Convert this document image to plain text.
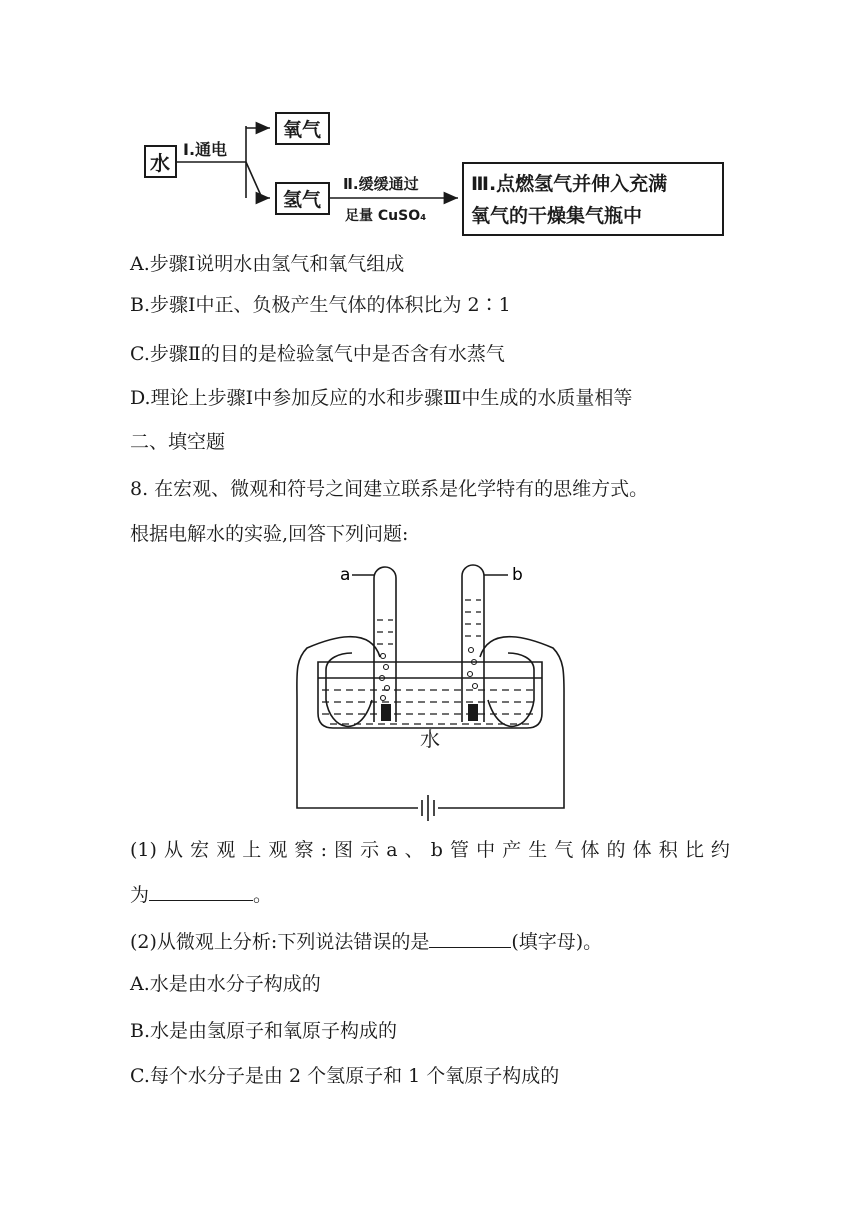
水
Ⅰ.通电
氧气
氢气
Ⅱ.缓缓通过
足量 CuSO₄
Ⅲ.点燃氢气并伸入充满
氧气的干燥集气瓶中
A.步骤Ⅰ说明水由氢气和氧气组成
B.步骤Ⅰ中正、负极产生气体的体积比为 2∶1
C.步骤Ⅱ的目的是检验氢气中是否含有水蒸气
D.理论上步骤Ⅰ中参加反应的水和步骤Ⅲ中生成的水质量相等
二、填空题
8. 在宏观、微观和符号之间建立联系是化学特有的思维方式。
根据电解水的实验,回答下列问题:
a	b
水
(1) 从 宏 观 上 观 察 : 图 示 a 、 b 管 中 产 生 气 体 的 体 积 比 约
为	。
(2)从微观上分析:下列说法错误的是	(填字母)。
A.水是由水分子构成的
B.水是由氢原子和氧原子构成的
C.每个水分子是由 2 个氢原子和 1 个氧原子构成的
